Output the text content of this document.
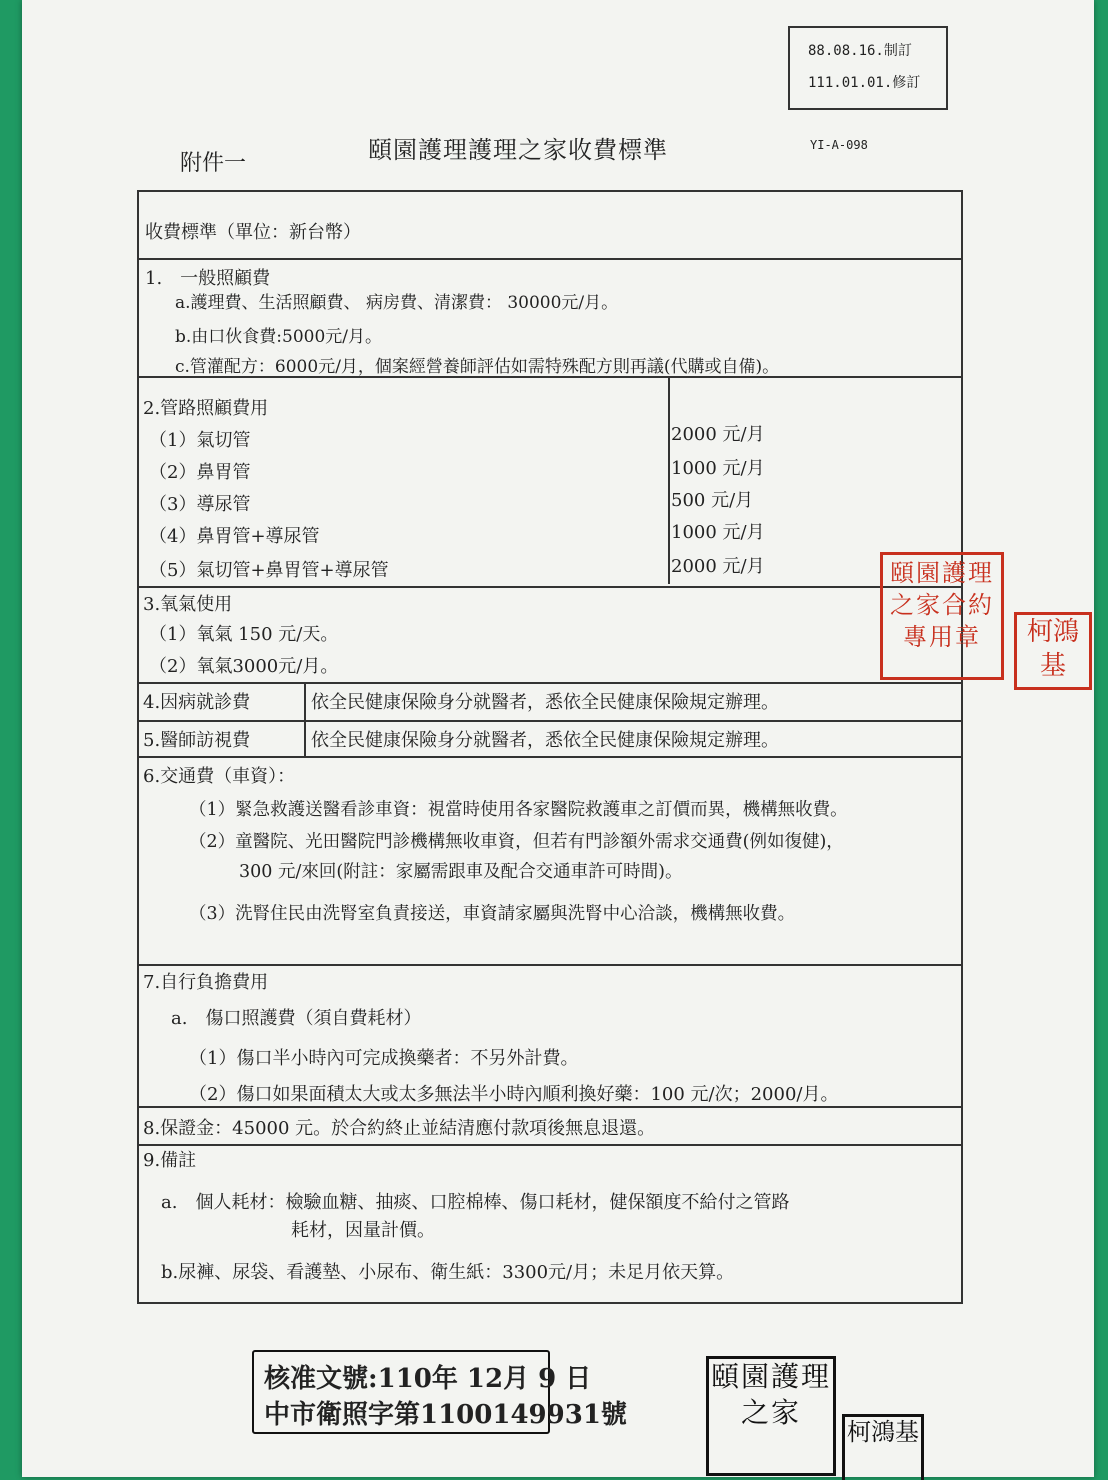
88.08.16.制訂
111.01.01.修訂
附件一	頤園護理護理之家收費標準	YI-A-098
收費標準（單位：新台幣）
1.　一般照顧費
a.護理費、生活照顧費、 病房費、清潔費： 30000元/月。
b.由口伙食費:5000元/月。
c.管灌配方：6000元/月，個案經營養師評估如需特殊配方則再議(代購或自備)。
2.管路照顧費用
（1）氣切管	2000 元/月
（2）鼻胃管	1000 元/月
（3）導尿管	500 元/月
（4）鼻胃管+導尿管	1000 元/月
（5）氣切管+鼻胃管+導尿管	2000 元/月
3.氧氣使用
（1）氧氣 150 元/天。
（2）氧氣3000元/月。
4.因病就診費	依全民健康保險身分就醫者，悉依全民健康保險規定辦理。
5.醫師訪視費	依全民健康保險身分就醫者，悉依全民健康保險規定辦理。
6.交通費（車資）：
（1）緊急救護送醫看診車資：視當時使用各家醫院救護車之訂價而異，機構無收費。
（2）童醫院、光田醫院門診機構無收車資，但若有門診額外需求交通費(例如復健)，
300 元/來回(附註：家屬需跟車及配合交通車許可時間)。
（3）洗腎住民由洗腎室負責接送，車資請家屬與洗腎中心洽談，機構無收費。
7.自行負擔費用
a.　傷口照護費（須自費耗材）
（1）傷口半小時內可完成換藥者：不另外計費。
（2）傷口如果面積太大或太多無法半小時內順利換好藥：100 元/次；2000/月。
8.保證金：45000 元。於合約終止並結清應付款項後無息退還。
9.備註
a.　個人耗材：檢驗血糖、抽痰、口腔棉棒、傷口耗材，健保額度不給付之管路
耗材，因量計價。
b.尿褲、尿袋、看護墊、小尿布、衛生紙：3300元/月；未足月依天算。
頤園護理之家合約專用章	柯鴻基
核准文號:110年 12月 9 日
中市衛照字第1100149931號
頤園護理之家
柯鴻基
